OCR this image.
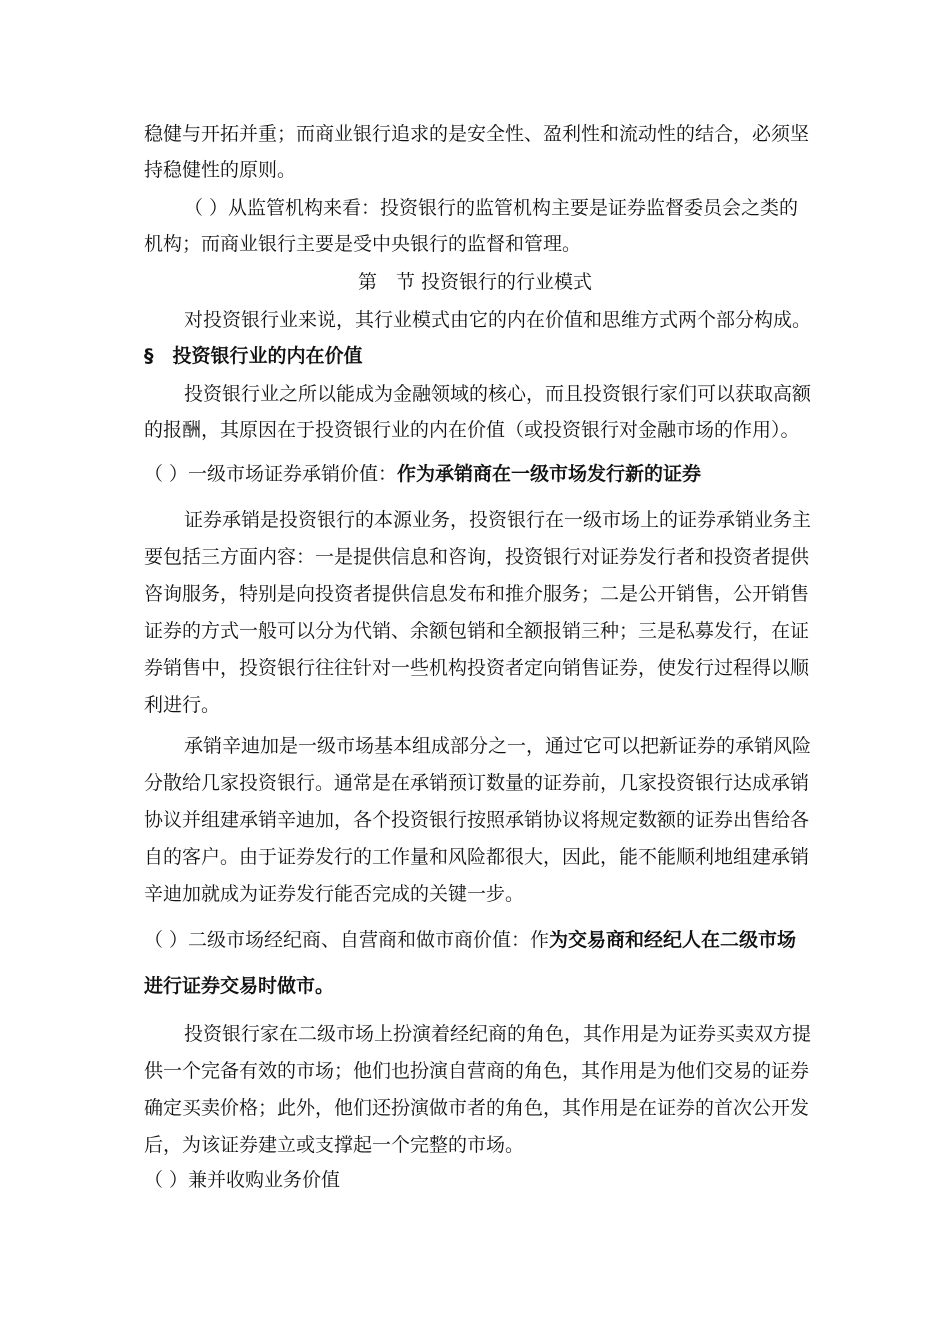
稳健与开拓并重；而商业银行追求的是安全性、盈利性和流动性的结合，必须坚
持稳健性的原则。
（ ）从监管机构来看：投资银行的监管机构主要是证券监督委员会之类的
机构；而商业银行主要是受中央银行的监督和管理。
第　节 投资银行的行业模式
对投资银行业来说，其行业模式由它的内在价值和思维方式两个部分构成。
§　投资银行业的内在价值
投资银行业之所以能成为金融领域的核心，而且投资银行家们可以获取高额
的报酬，其原因在于投资银行业的内在价值（或投资银行对金融市场的作用）。
（ ）一级市场证券承销价值：作为承销商在一级市场发行新的证券
证券承销是投资银行的本源业务，投资银行在一级市场上的证券承销业务主
要包括三方面内容：一是提供信息和咨询，投资银行对证券发行者和投资者提供
咨询服务，特别是向投资者提供信息发布和推介服务；二是公开销售，公开销售
证券的方式一般可以分为代销、余额包销和全额报销三种；三是私募发行，在证
券销售中，投资银行往往针对一些机构投资者定向销售证券，使发行过程得以顺
利进行。
承销辛迪加是一级市场基本组成部分之一，通过它可以把新证券的承销风险
分散给几家投资银行。通常是在承销预订数量的证券前，几家投资银行达成承销
协议并组建承销辛迪加，各个投资银行按照承销协议将规定数额的证券出售给各
自的客户。由于证券发行的工作量和风险都很大，因此，能不能顺利地组建承销
辛迪加就成为证券发行能否完成的关键一步。
（ ）二级市场经纪商、自营商和做市商价值：作为交易商和经纪人在二级市场
进行证券交易时做市。
投资银行家在二级市场上扮演着经纪商的角色，其作用是为证券买卖双方提
供一个完备有效的市场；他们也扮演自营商的角色，其作用是为他们交易的证券
确定买卖价格；此外，他们还扮演做市者的角色，其作用是在证券的首次公开发
后，为该证券建立或支撑起一个完整的市场。
（ ）兼并收购业务价值
